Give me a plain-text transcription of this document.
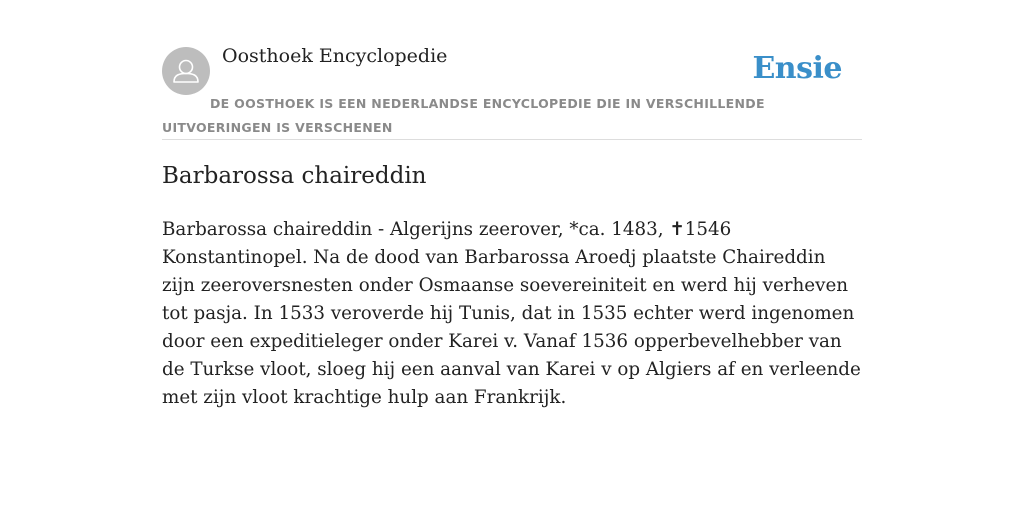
Oosthoek Encyclopedie	Ensie
DE OOSTHOEK IS EEN NEDERLANDSE ENCYCLOPEDIE DIE IN VERSCHILLENDE UITVOERINGEN IS VERSCHENEN
Barbarossa chaireddin

Barbarossa chaireddin - Algerijns zeerover, *ca. 1483, ✝1546 Konstantinopel. Na de dood van Barbarossa Aroedj plaatste Chaireddin zijn zeeroversnesten onder Osmaanse soevereiniteit en werd hij verheven tot pasja. In 1533 veroverde hij Tunis, dat in 1535 echter werd ingenomen door een expeditieleger onder Karei v. Vanaf 1536 opperbevelhebber van de Turkse vloot, sloeg hij een aanval van Karei v op Algiers af en verleende met zijn vloot krachtige hulp aan Frankrijk.
